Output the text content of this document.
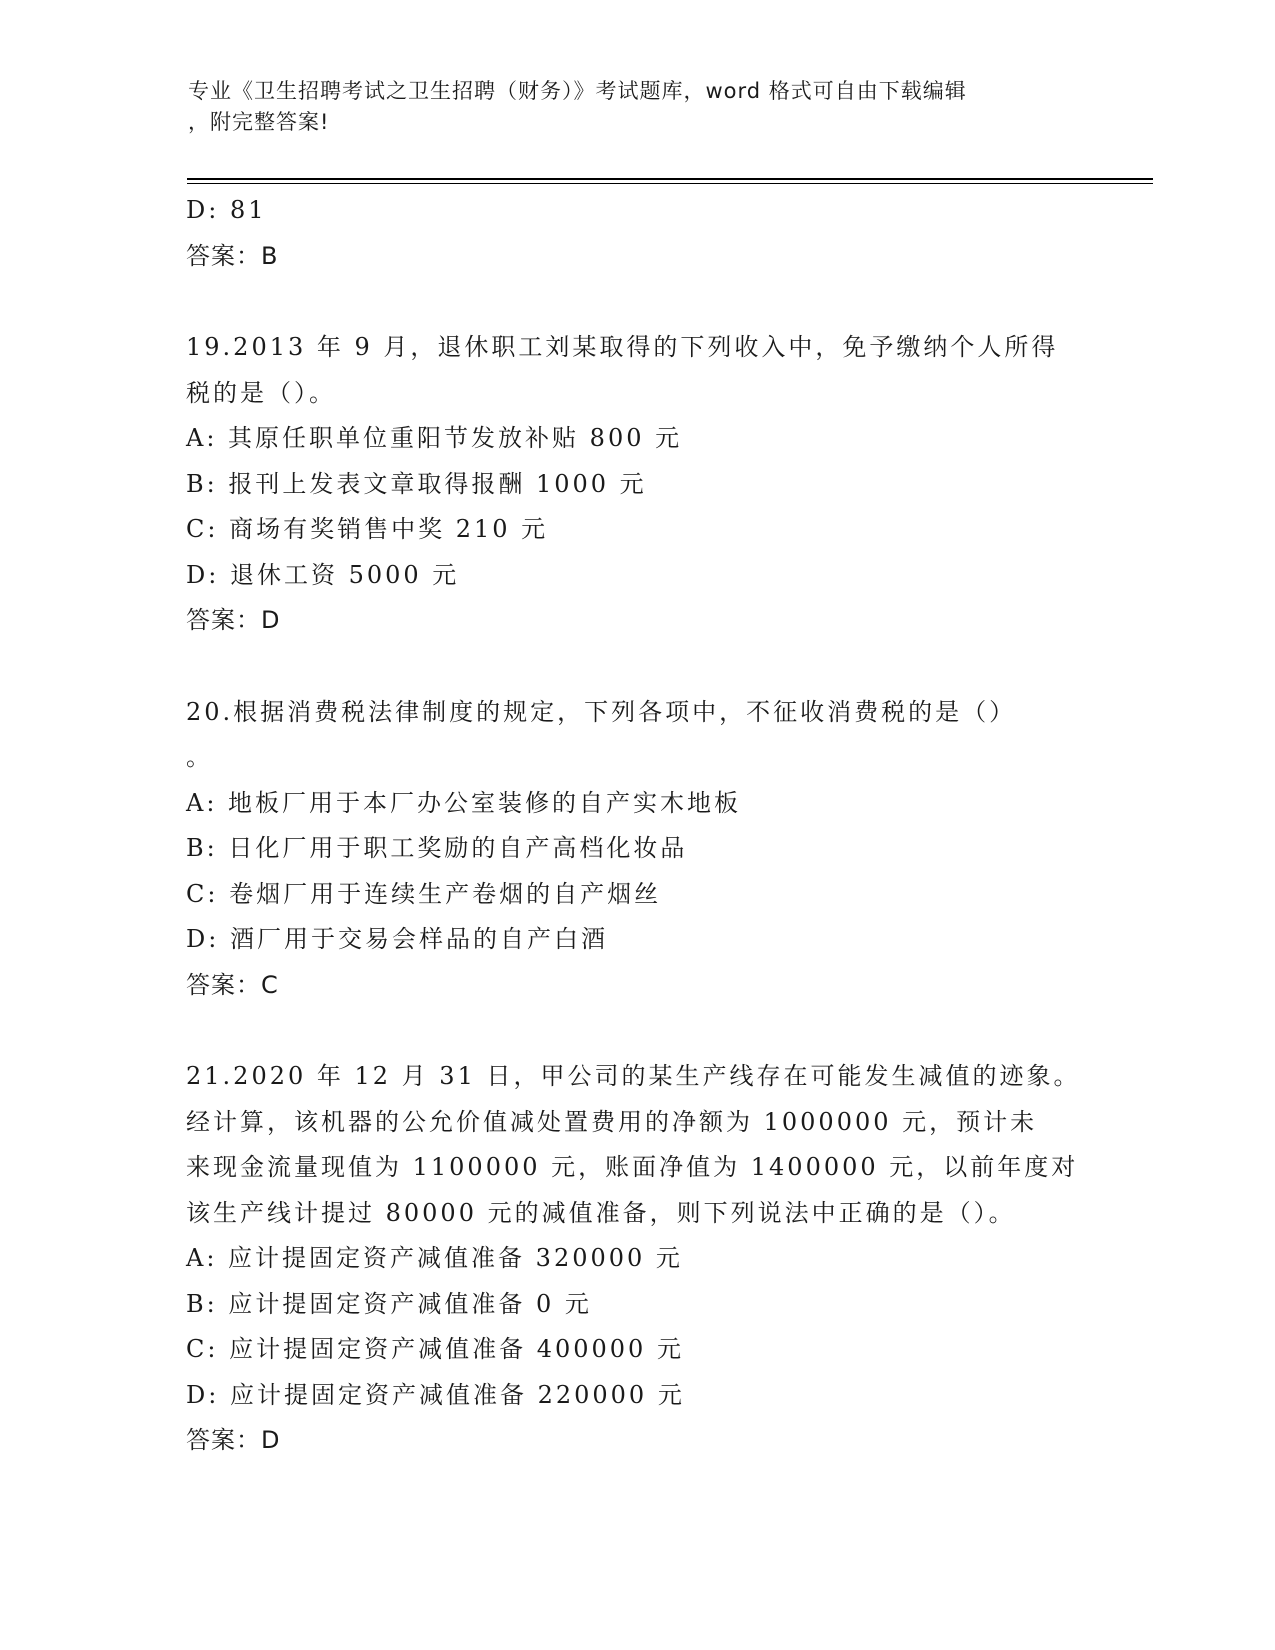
专业《卫生招聘考试之卫生招聘（财务）》考试题库，word 格式可自由下载编辑
，附完整答案!
D: 81
答案：B
19.2013 年 9 月，退休职工刘某取得的下列收入中，免予缴纳个人所得
税的是（）。
A: 其原任职单位重阳节发放补贴 800 元
B: 报刊上发表文章取得报酬 1000 元
C: 商场有奖销售中奖 210 元
D: 退休工资 5000 元
答案：D
20.根据消费税法律制度的规定，下列各项中，不征收消费税的是（）
。
A: 地板厂用于本厂办公室装修的自产实木地板
B: 日化厂用于职工奖励的自产高档化妆品
C: 卷烟厂用于连续生产卷烟的自产烟丝
D: 酒厂用于交易会样品的自产白酒
答案：C
21.2020 年 12 月 31 日，甲公司的某生产线存在可能发生减值的迹象。
经计算，该机器的公允价值减处置费用的净额为 1000000 元，预计未
来现金流量现值为 1100000 元，账面净值为 1400000 元，以前年度对
该生产线计提过 80000 元的减值准备，则下列说法中正确的是（）。
A: 应计提固定资产减值准备 320000 元
B: 应计提固定资产减值准备 0 元
C: 应计提固定资产减值准备 400000 元
D: 应计提固定资产减值准备 220000 元
答案：D
